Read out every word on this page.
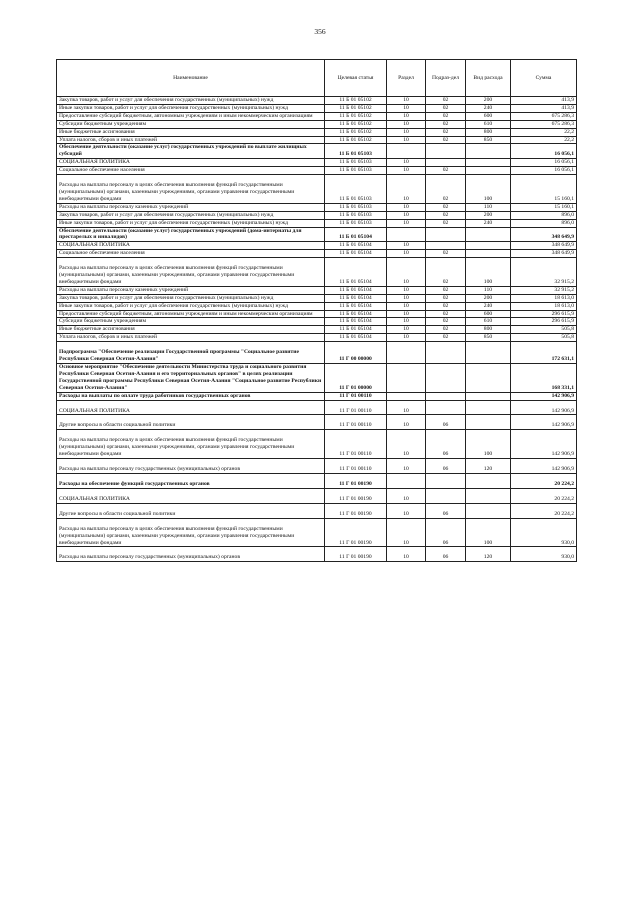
356
Наименование	Целевая статья	Раздел	Подраз-дел	Вид расхода	Сумма
Закупка товаров, работ и услуг для обеспечения государственных (муниципальных) нужд	11 Б 01 05102	10	02	200	413,9
Иные закупки товаров, работ и услуг для обеспечения государственных (муниципальных) нужд	11 Б 01 05102	10	02	240	413,9
Предоставление субсидий бюджетным, автономным учреждениям и иным некоммерческим организациям	11 Б 01 05102	10	02	600	675 286,3
Субсидии бюджетным учреждениям	11 Б 01 05102	10	02	610	675 286,3
Иные бюджетные ассигнования	11 Б 01 05102	10	02	800	22,2
Уплата налогов, сборов и иных платежей	11 Б 01 05102	10	02	850	22,2
Обеспечение деятельности (оказание услуг) государственных учреждений по выплате жилищных субсидий	11 Б 01 05103				16 056,1
СОЦИАЛЬНАЯ ПОЛИТИКА	11 Б 01 05103	10			16 056,1
Социальное обеспечение населения	11 Б 01 05103	10	02		16 056,1
Расходы на выплаты персоналу в целях обеспечения выполнения функций государственными (муниципальными) органами, казенными учреждениями, органами управления государственными внебюджетными фондами	11 Б 01 05103	10	02	100	15 160,1
Расходы на выплаты персоналу казенных учреждений	11 Б 01 05103	10	02	110	15 160,1
Закупка товаров, работ и услуг для обеспечения государственных (муниципальных) нужд	11 Б 01 05103	10	02	200	896,0
Иные закупки товаров, работ и услуг для обеспечения государственных (муниципальных) нужд	11 Б 01 05103	10	02	240	896,0
Обеспечение деятельности (оказание услуг) государственных учреждений (дома-интернаты для престарелых и инвалидов)	11 Б 01 05104				348 649,9
СОЦИАЛЬНАЯ ПОЛИТИКА	11 Б 01 05104	10			348 649,9
Социальное обеспечение населения	11 Б 01 05104	10	02		348 649,9
Расходы на выплаты персоналу в целях обеспечения выполнения функций государственными (муниципальными) органами, казенными учреждениями, органами управления государственными внебюджетными фондами	11 Б 01 05104	10	02	100	32 915,2
Расходы на выплаты персоналу казенных учреждений	11 Б 01 05104	10	02	110	32 915,2
Закупка товаров, работ и услуг для обеспечения государственных (муниципальных) нужд	11 Б 01 05104	10	02	200	18 613,0
Иные закупки товаров, работ и услуг для обеспечения государственных (муниципальных) нужд	11 Б 01 05104	10	02	240	18 613,0
Предоставление субсидий бюджетным, автономным учреждениям и иным некоммерческим организациям	11 Б 01 05104	10	02	600	296 615,9
Субсидии бюджетным учреждениям	11 Б 01 05104	10	02	610	296 615,9
Иные бюджетные ассигнования	11 Б 01 05104	10	02	800	505,8
Уплата налогов, сборов и иных платежей	11 Б 01 05104	10	02	850	505,8
Подпрограмма "Обеспечение реализации Государственной программы "Социальное развитие Республики Северная Осетия-Алания"	11 Г 00 00000				172 631,1
Основное мероприятие "Обеспечение деятельности Министерства труда и социального развития Республики Северная Осетия-Алания и его территориальных органов" в целях реализации Государственной программы Республики Северная Осетия-Алания "Социальное развитие Республики Северная Осетия-Алания"	11 Г 01 00000				168 331,1
Расходы на выплаты по оплате труда работников государственных органов	11 Г 01 00110				142 906,9
СОЦИАЛЬНАЯ ПОЛИТИКА	11 Г 01 00110	10			142 906,9
Другие вопросы в области социальной политики	11 Г 01 00110	10	06		142 906,9
Расходы на выплаты персоналу в целях обеспечения выполнения функций государственными (муниципальными) органами, казенными учреждениями, органами управления государственными внебюджетными фондами	11 Г 01 00110	10	06	100	142 906,9
Расходы на выплаты персоналу государственных (муниципальных) органов	11 Г 01 00110	10	06	120	142 906,9
Расходы на обеспечение функций государственных органов	11 Г 01 00190				20 224,2
СОЦИАЛЬНАЯ ПОЛИТИКА	11 Г 01 00190	10			20 224,2
Другие вопросы в области социальной политики	11 Г 01 00190	10	06		20 224,2
Расходы на выплаты персоналу в целях обеспечения выполнения функций государственными (муниципальными) органами, казенными учреждениями, органами управления государственными внебюджетными фондами	11 Г 01 00190	10	06	100	930,0
Расходы на выплаты персоналу государственных (муниципальных) органов	11 Г 01 00190	10	06	120	930,0
